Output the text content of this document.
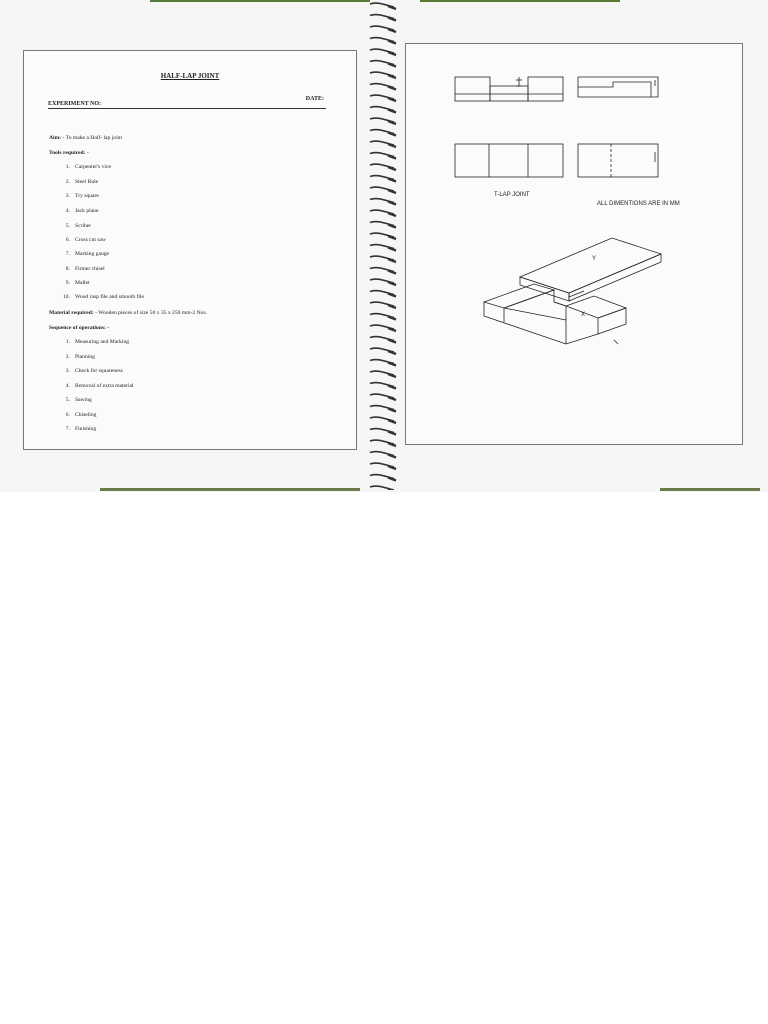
HALF-LAP JOINT
EXPERIMENT NO:
DATE:
Aim: - To make a Half- lap joint
Tools required: -
1. Carpenter's vice
2. Steel Rule
3. Try square
4. Jack plane
5. Scriber
6. Cross cut saw
7. Marking gauge
8. Firmer chisel
9. Mallet
10. Wood rasp file and smooth file
Material required: - Wooden pieces of size 50 x 35 x 250 mm-2 Nos.
Sequence of operations: -
1. Measuring and Marking
2. Planning
3. Check for squareness
4. Removal of extra material
5. Sawing
6. Chiseling
7. Finishing
T-LAP JOINT
ALL DIMENTIONS ARE IN MM
Y
X
